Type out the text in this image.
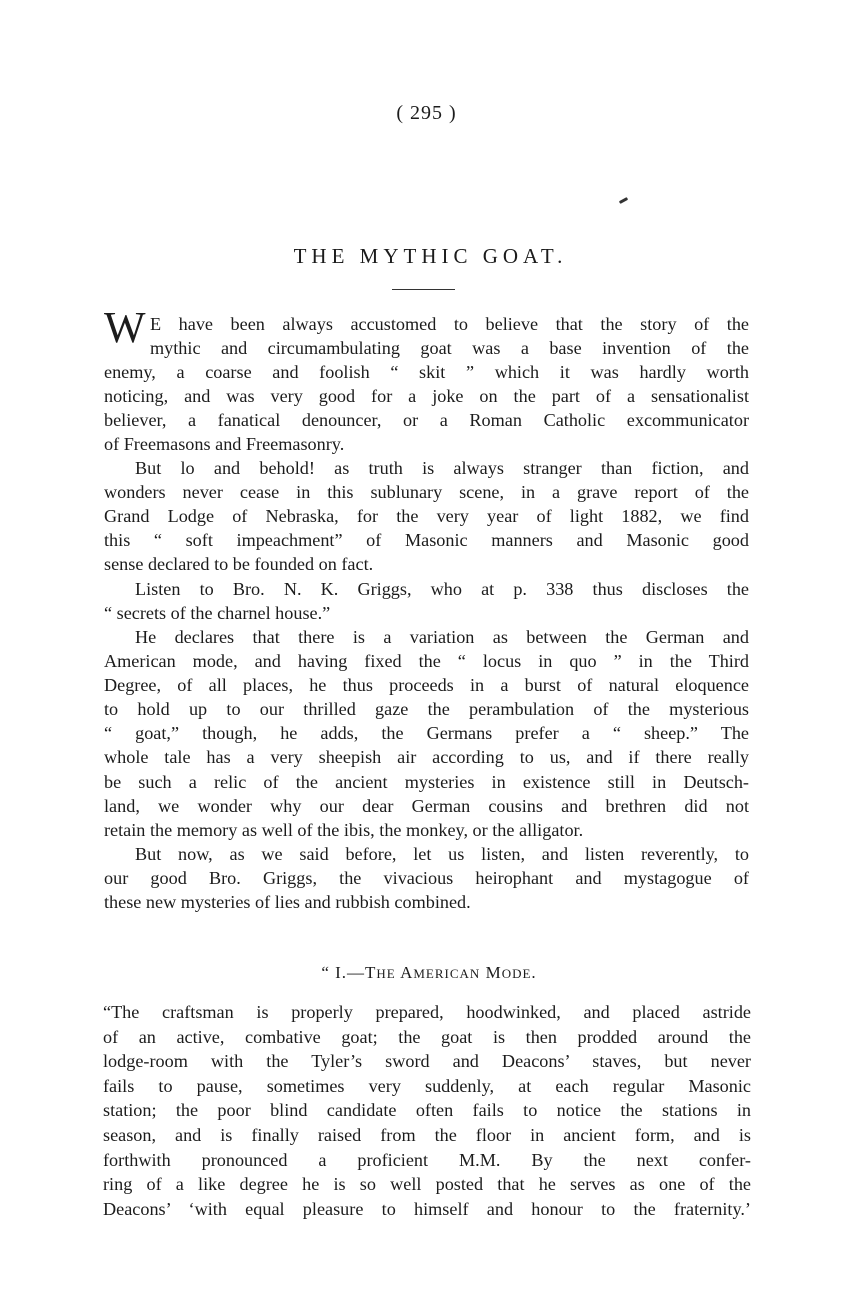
( 295 )
THE MYTHIC GOAT.
W E have been always accustomed to believe that the story of the
mythic and circumambulating goat was a base invention of the
enemy, a coarse and foolish “ skit ” which it was hardly worth
noticing, and was very good for a joke on the part of a sensationalist
believer, a fanatical denouncer, or a Roman Catholic excommunicator
of Freemasons and Freemasonry.
But lo and behold! as truth is always stranger than fiction, and
wonders never cease in this sublunary scene, in a grave report of the
Grand Lodge of Nebraska, for the very year of light 1882, we find
this “ soft impeachment” of Masonic manners and Masonic good
sense declared to be founded on fact.
Listen to Bro. N. K. Griggs, who at p. 338 thus discloses the
“ secrets of the charnel house.”
He declares that there is a variation as between the German and
American mode, and having fixed the “ locus in quo ” in the Third
Degree, of all places, he thus proceeds in a burst of natural eloquence
to hold up to our thrilled gaze the perambulation of the mysterious
“ goat,” though, he adds, the Germans prefer a “ sheep.” The
whole tale has a very sheepish air according to us, and if there really
be such a relic of the ancient mysteries in existence still in Deutsch-
land, we wonder why our dear German cousins and brethren did not
retain the memory as well of the ibis, the monkey, or the alligator.
But now, as we said before, let us listen, and listen reverently, to
our good Bro. Griggs, the vivacious heirophant and mystagogue of
these new mysteries of lies and rubbish combined.
“ I.—THE AMERICAN MODE.
“The craftsman is properly prepared, hoodwinked, and placed astride
of an active, combative goat; the goat is then prodded around the
lodge-room with the Tyler’s sword and Deacons’ staves, but never
fails to pause, sometimes very suddenly, at each regular Masonic
station; the poor blind candidate often fails to notice the stations in
season, and is finally raised from the floor in ancient form, and is
forthwith pronounced a proficient M.M. By the next confer-
ring of a like degree he is so well posted that he serves as one of the
Deacons’ ‘with equal pleasure to himself and honour to the fraternity.’
